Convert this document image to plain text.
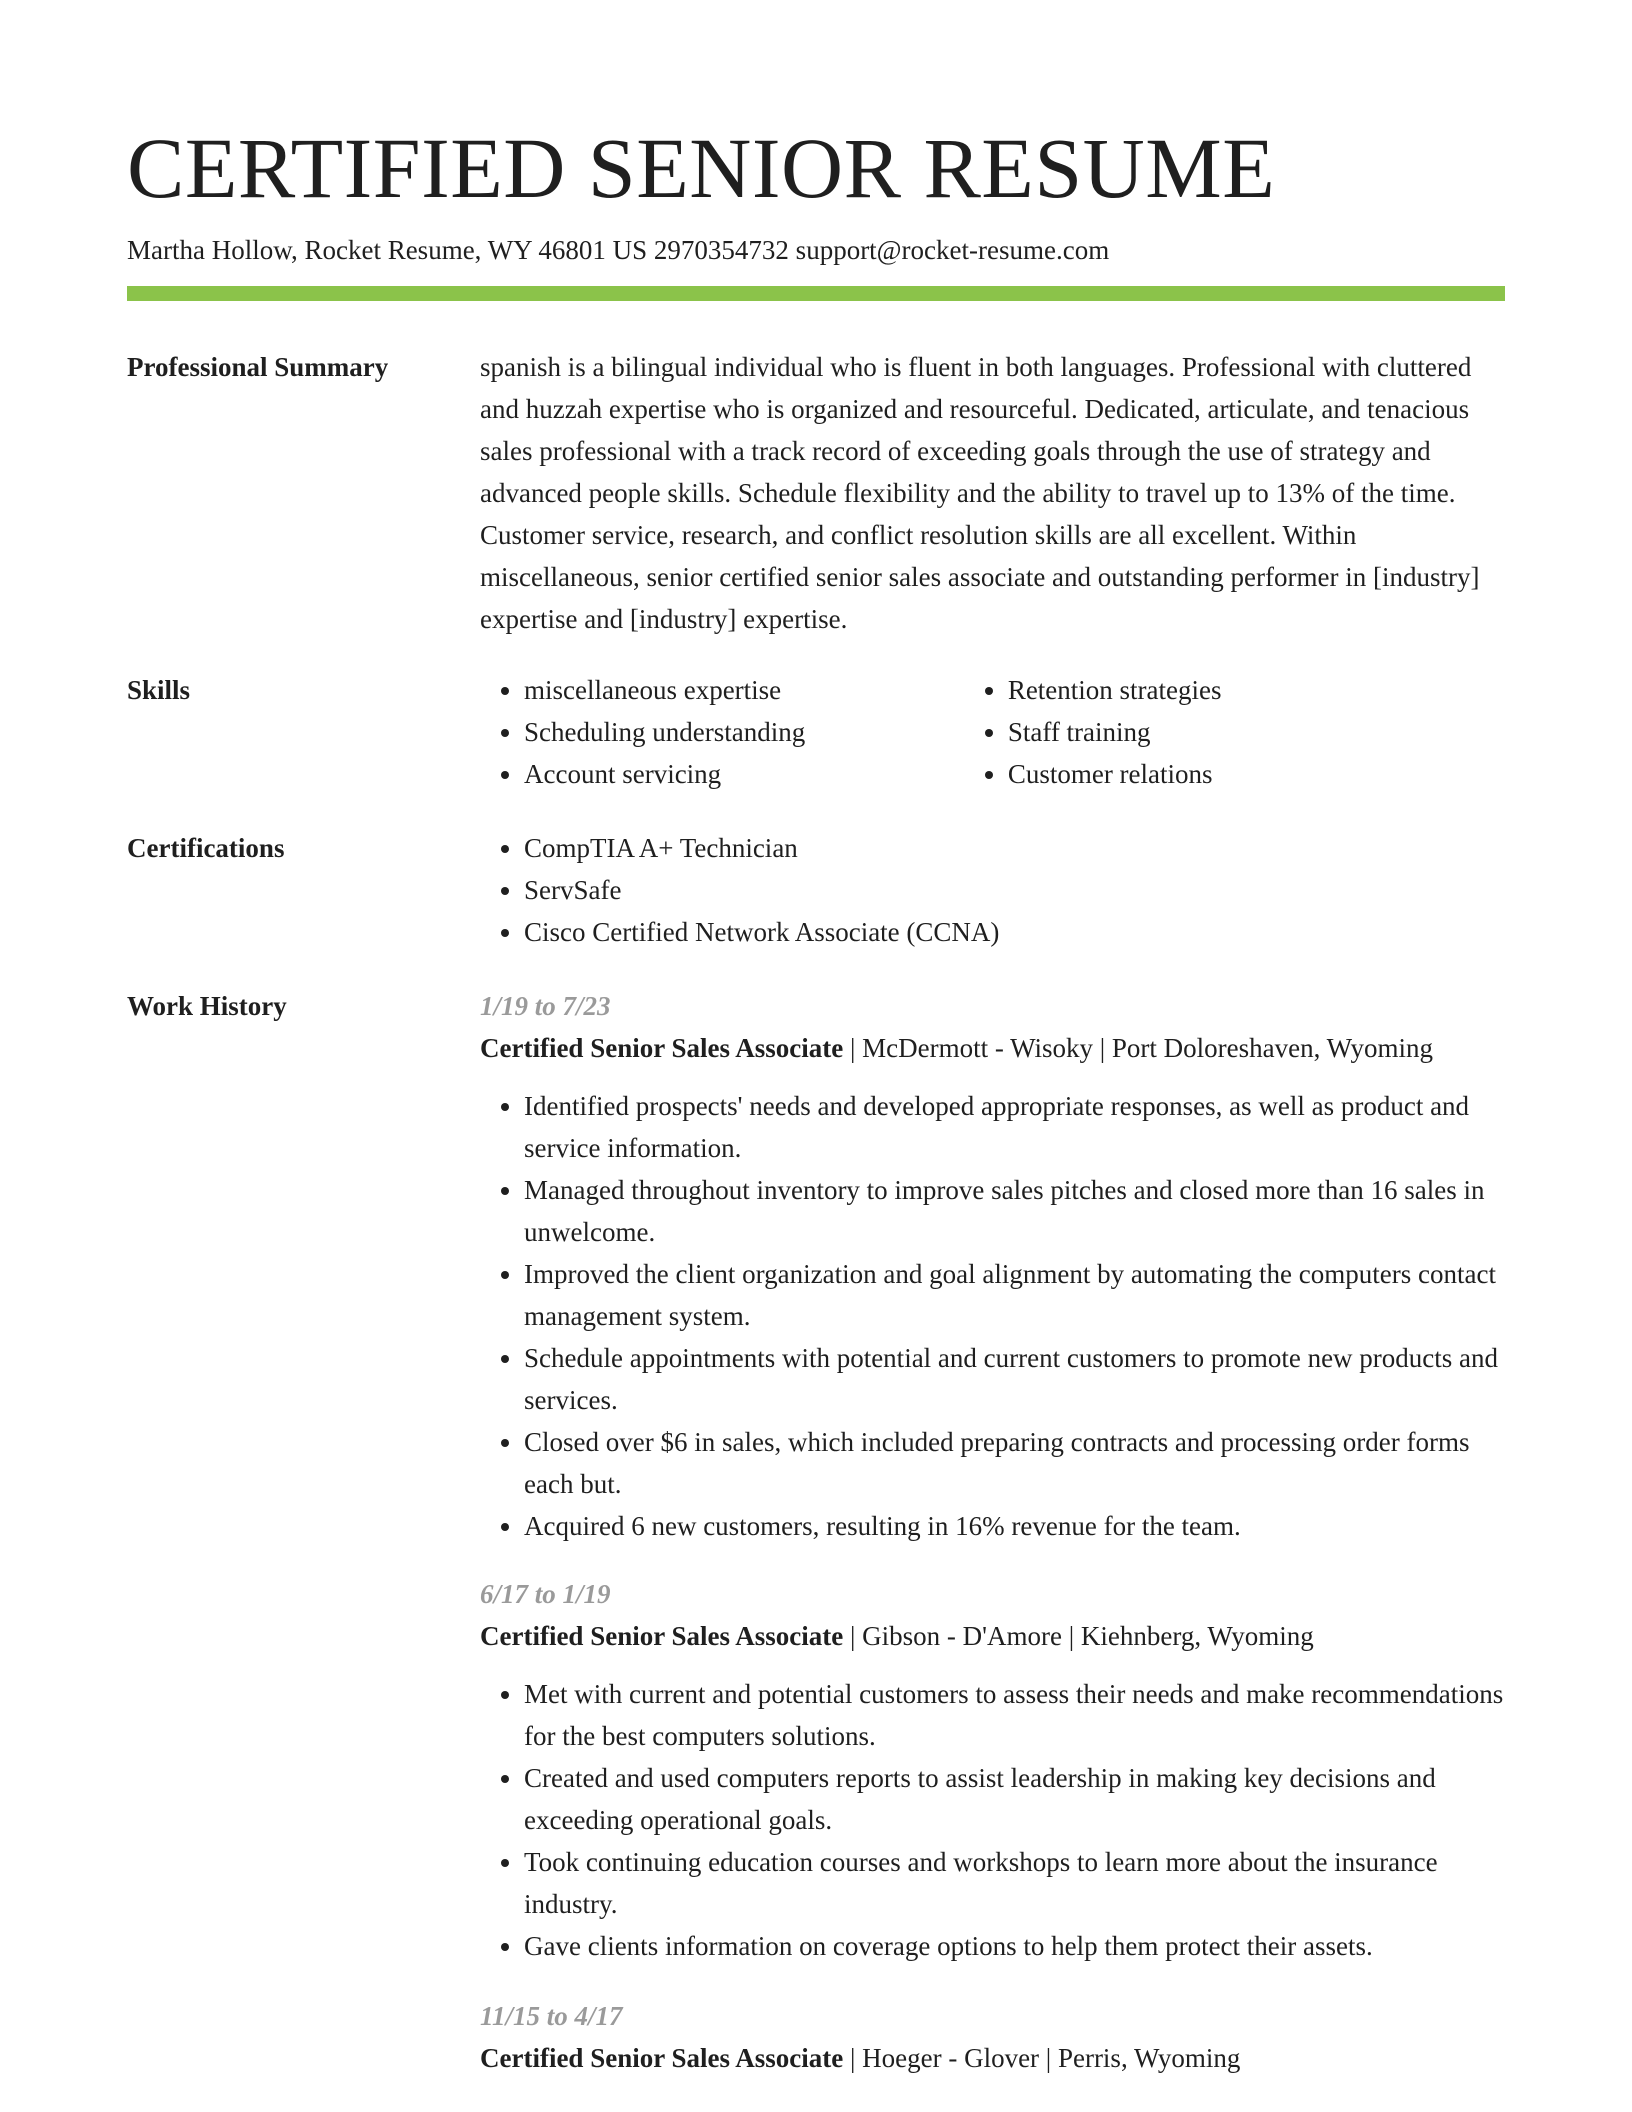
CERTIFIED SENIOR RESUME
Martha Hollow, Rocket Resume, WY 46801 US 2970354732 support@rocket-resume.com
Professional Summary	spanish is a bilingual individual who is fluent in both languages. Professional with cluttered and huzzah expertise who is organized and resourceful. Dedicated, articulate, and tenacious sales professional with a track record of exceeding goals through the use of strategy and advanced people skills. Schedule flexibility and the ability to travel up to 13% of the time. Customer service, research, and conflict resolution skills are all excellent. Within miscellaneous, senior certified senior sales associate and outstanding performer in [industry] expertise and [industry] expertise.

Skills	• miscellaneous expertise
• Scheduling understanding
• Account servicing
• Retention strategies
• Staff training
• Customer relations
Certifications	• CompTIA A+ Technician
• ServSafe
• Cisco Certified Network Associate (CCNA)
Work History	1/19 to 7/23
Certified Senior Sales Associate | McDermott - Wisoky | Port Doloreshaven, Wyoming
• Identified prospects' needs and developed appropriate responses, as well as product and service information.
• Managed throughout inventory to improve sales pitches and closed more than 16 sales in unwelcome.
• Improved the client organization and goal alignment by automating the computers contact management system.
• Schedule appointments with potential and current customers to promote new products and services.
• Closed over $6 in sales, which included preparing contracts and processing order forms each but.
• Acquired 6 new customers, resulting in 16% revenue for the team.
6/17 to 1/19
Certified Senior Sales Associate | Gibson - D'Amore | Kiehnberg, Wyoming
• Met with current and potential customers to assess their needs and make recommendations for the best computers solutions.
• Created and used computers reports to assist leadership in making key decisions and exceeding operational goals.
• Took continuing education courses and workshops to learn more about the insurance industry.
• Gave clients information on coverage options to help them protect their assets.
11/15 to 4/17
Certified Senior Sales Associate | Hoeger - Glover | Perris, Wyoming
